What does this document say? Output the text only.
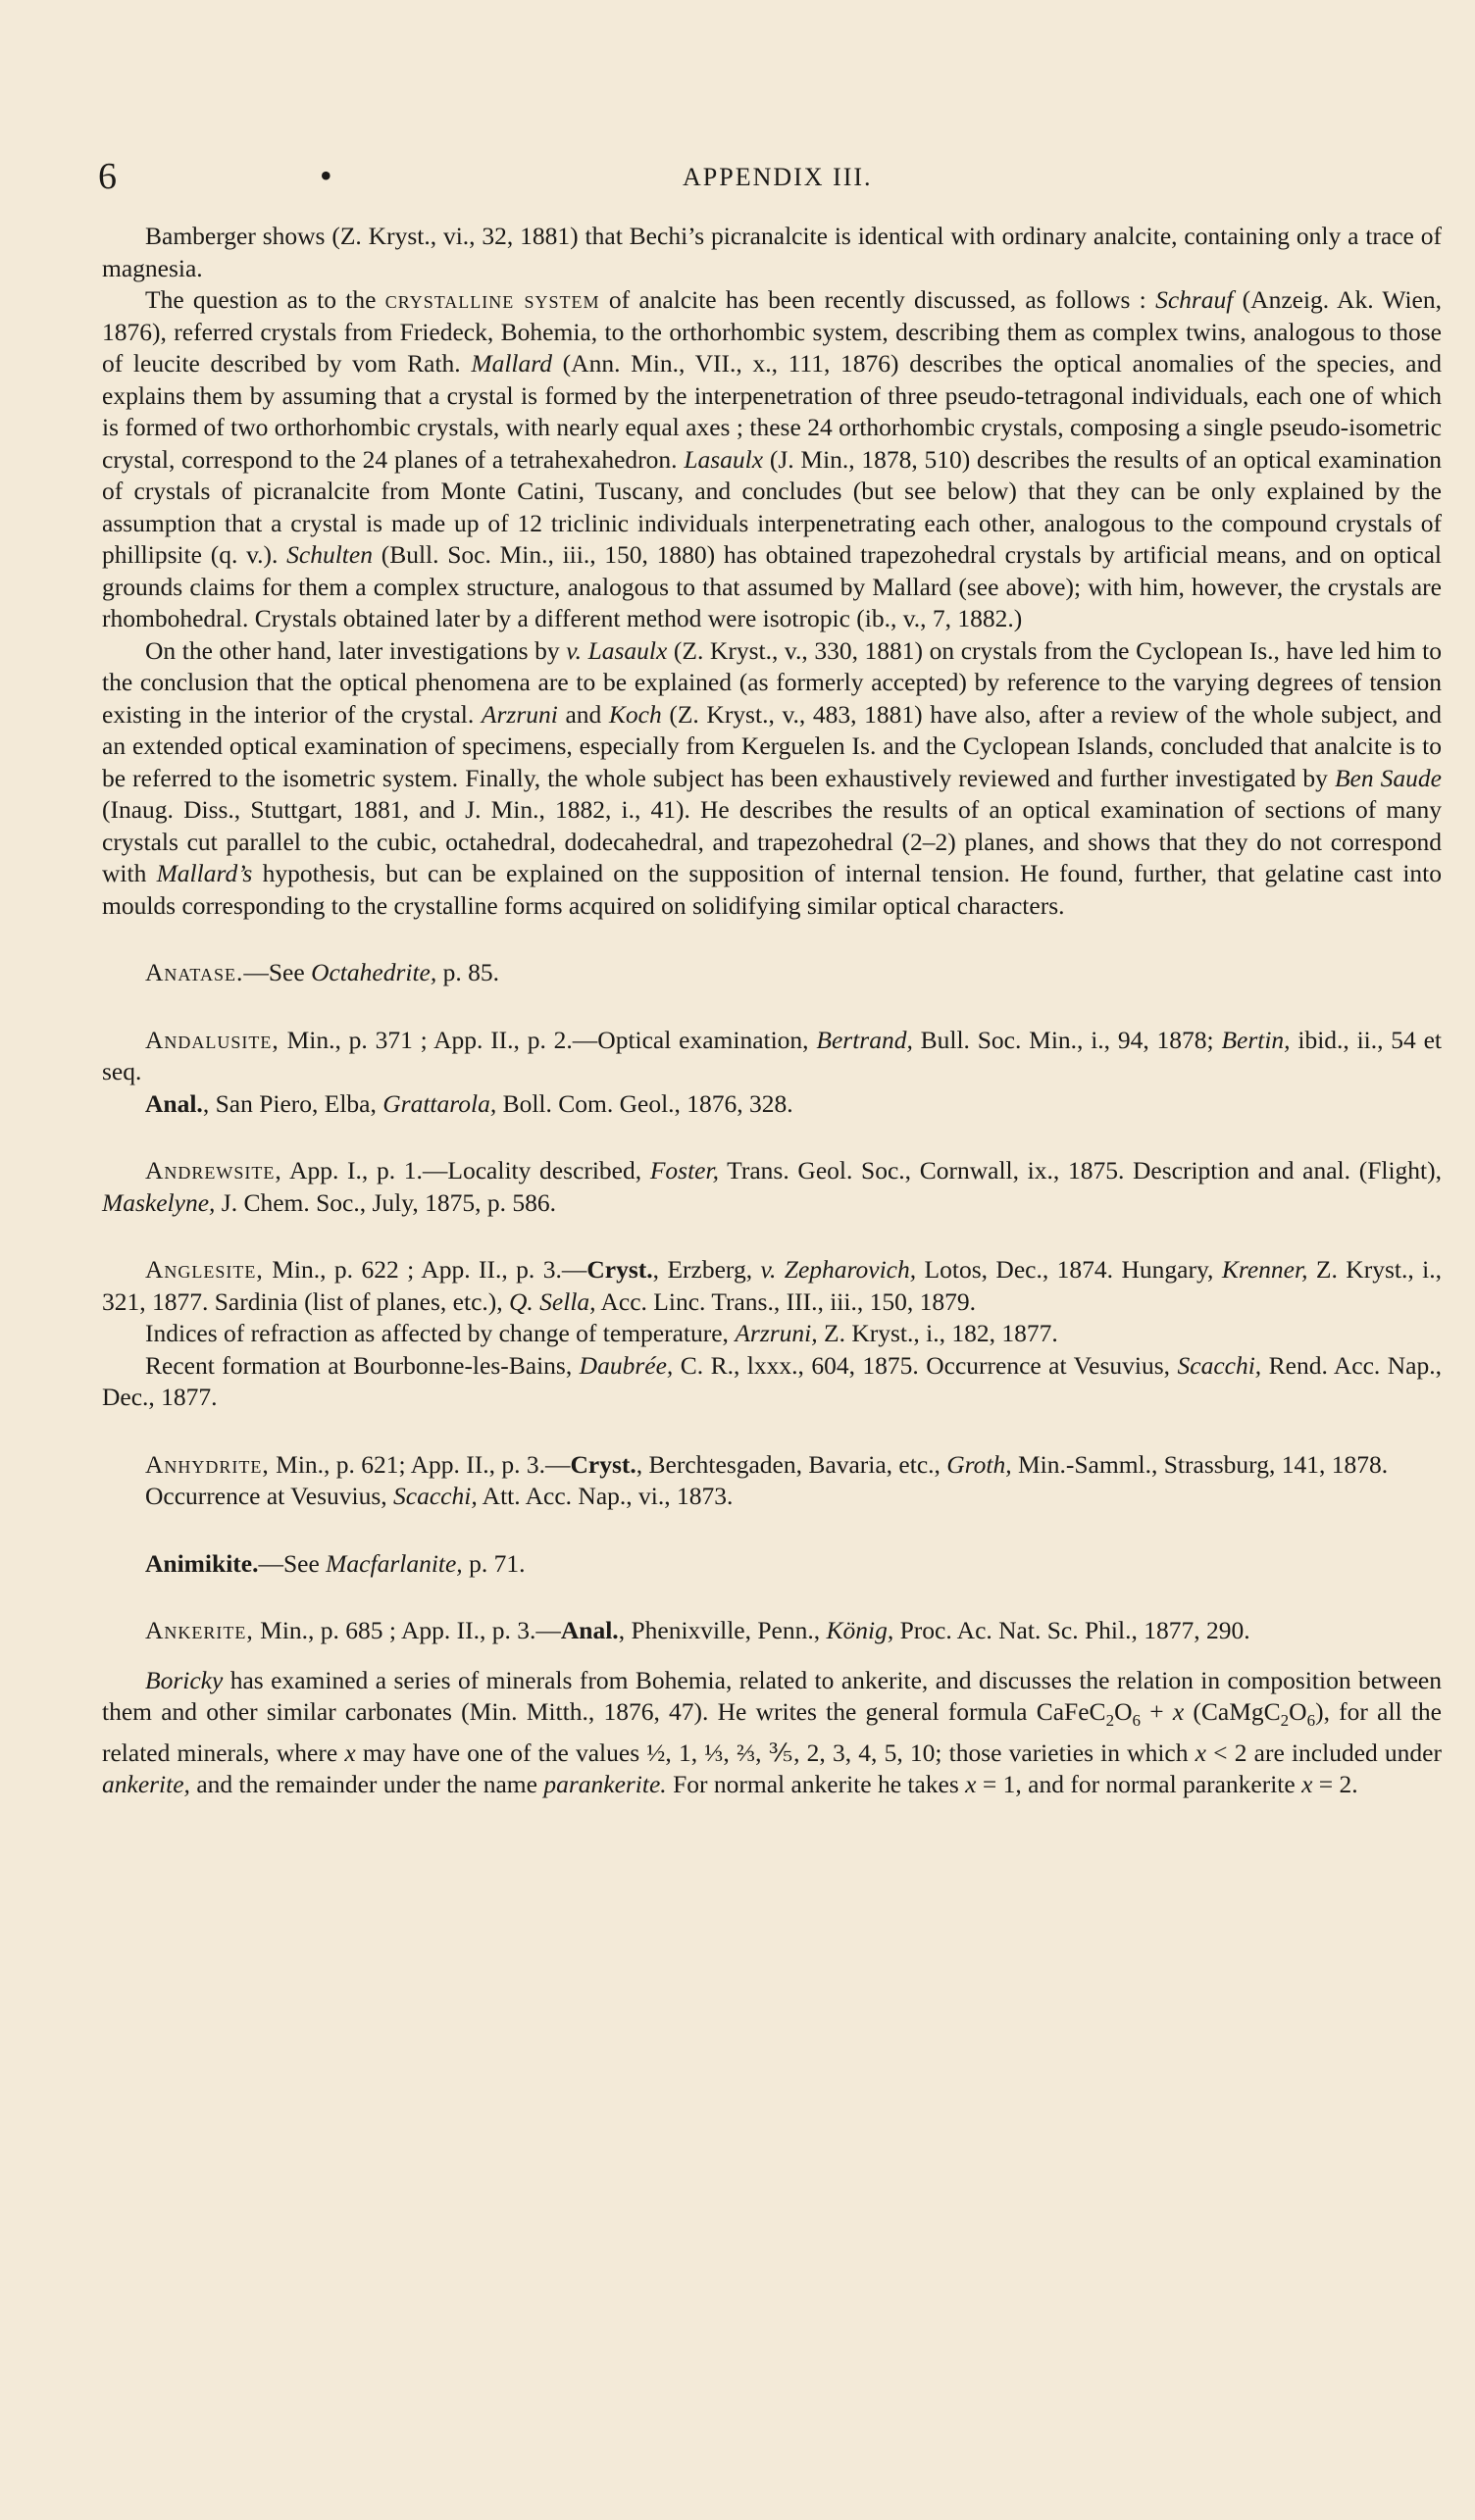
6	•	APPENDIX III.

Bamberger shows (Z. Kryst., vi., 32, 1881) that Bechi’s picranalcite is identical with ordinary analcite, containing only a trace of magnesia.

The question as to the crystalline system of analcite has been recently discussed, as follows : Schrauf (Anzeig. Ak. Wien, 1876), referred crystals from Friedeck, Bohemia, to the orthorhombic system, describing them as complex twins, analogous to those of leucite described by vom Rath. Mallard (Ann. Min., VII., x., 111, 1876) describes the optical anomalies of the species, and explains them by assuming that a crystal is formed by the interpenetration of three pseudo-tetragonal individuals, each one of which is formed of two orthorhombic crystals, with nearly equal axes ; these 24 orthorhombic crystals, composing a single pseudo-isometric crystal, correspond to the 24 planes of a tetrahexahedron. Lasaulx (J. Min., 1878, 510) describes the results of an optical examination of crystals of picranalcite from Monte Catini, Tuscany, and concludes (but see below) that they can be only explained by the assumption that a crystal is made up of 12 triclinic individuals interpenetrating each other, analogous to the compound crystals of phillipsite (q. v.). Schulten (Bull. Soc. Min., iii., 150, 1880) has obtained trapezohedral crystals by artificial means, and on optical grounds claims for them a complex structure, analogous to that assumed by Mallard (see above); with him, however, the crystals are rhombohedral. Crystals obtained later by a different method were isotropic (ib., v., 7, 1882.)

On the other hand, later investigations by v. Lasaulx (Z. Kryst., v., 330, 1881) on crystals from the Cyclopean Is., have led him to the conclusion that the optical phenomena are to be explained (as formerly accepted) by reference to the varying degrees of tension existing in the interior of the crystal. Arzruni and Koch (Z. Kryst., v., 483, 1881) have also, after a review of the whole subject, and an extended optical examination of specimens, especially from Kerguelen Is. and the Cyclopean Islands, concluded that analcite is to be referred to the isometric system. Finally, the whole subject has been exhaustively reviewed and further investigated by Ben Saude (Inaug. Diss., Stuttgart, 1881, and J. Min., 1882, i., 41). He describes the results of an optical examination of sections of many crystals cut parallel to the cubic, octahedral, dodecahedral, and trapezohedral (2–2) planes, and shows that they do not correspond with Mallard’s hypothesis, but can be explained on the supposition of internal tension. He found, further, that gelatine cast into moulds corresponding to the crystalline forms acquired on solidifying similar optical characters.

Anatase.—See Octahedrite, p. 85.

Andalusite, Min., p. 371 ; App. II., p. 2.—Optical examination, Bertrand, Bull. Soc. Min., i., 94, 1878; Bertin, ibid., ii., 54 et seq.

Anal., San Piero, Elba, Grattarola, Boll. Com. Geol., 1876, 328.

Andrewsite, App. I., p. 1.—Locality described, Foster, Trans. Geol. Soc., Cornwall, ix., 1875. Description and anal. (Flight), Maskelyne, J. Chem. Soc., July, 1875, p. 586.

Anglesite, Min., p. 622 ; App. II., p. 3.—Cryst., Erzberg, v. Zepharovich, Lotos, Dec., 1874. Hungary, Krenner, Z. Kryst., i., 321, 1877. Sardinia (list of planes, etc.), Q. Sella, Acc. Linc. Trans., III., iii., 150, 1879.

Indices of refraction as affected by change of temperature, Arzruni, Z. Kryst., i., 182, 1877.

Recent formation at Bourbonne-les-Bains, Daubrée, C. R., lxxx., 604, 1875. Occurrence at Vesuvius, Scacchi, Rend. Acc. Nap., Dec., 1877.

Anhydrite, Min., p. 621; App. II., p. 3.—Cryst., Berchtesgaden, Bavaria, etc., Groth, Min.-Samml., Strassburg, 141, 1878.

Occurrence at Vesuvius, Scacchi, Att. Acc. Nap., vi., 1873.

Animikite.—See Macfarlanite, p. 71.

Ankerite, Min., p. 685 ; App. II., p. 3.—Anal., Phenixville, Penn., König, Proc. Ac. Nat. Sc. Phil., 1877, 290.

Boricky has examined a series of minerals from Bohemia, related to ankerite, and discusses the relation in composition between them and other similar carbonates (Min. Mitth., 1876, 47). He writes the general formula $CaFeC_2O_6 + x$ $(CaMgC_2O_6)$, for all the related minerals, where x may have one of the values ½, 1, ⅓, ⅔, ⅗, 2, 3, 4, 5, 10; those varieties in which x < 2 are included under ankerite, and the remainder under the name parankerite. For normal ankerite he takes x = 1, and for normal parankerite x = 2.
